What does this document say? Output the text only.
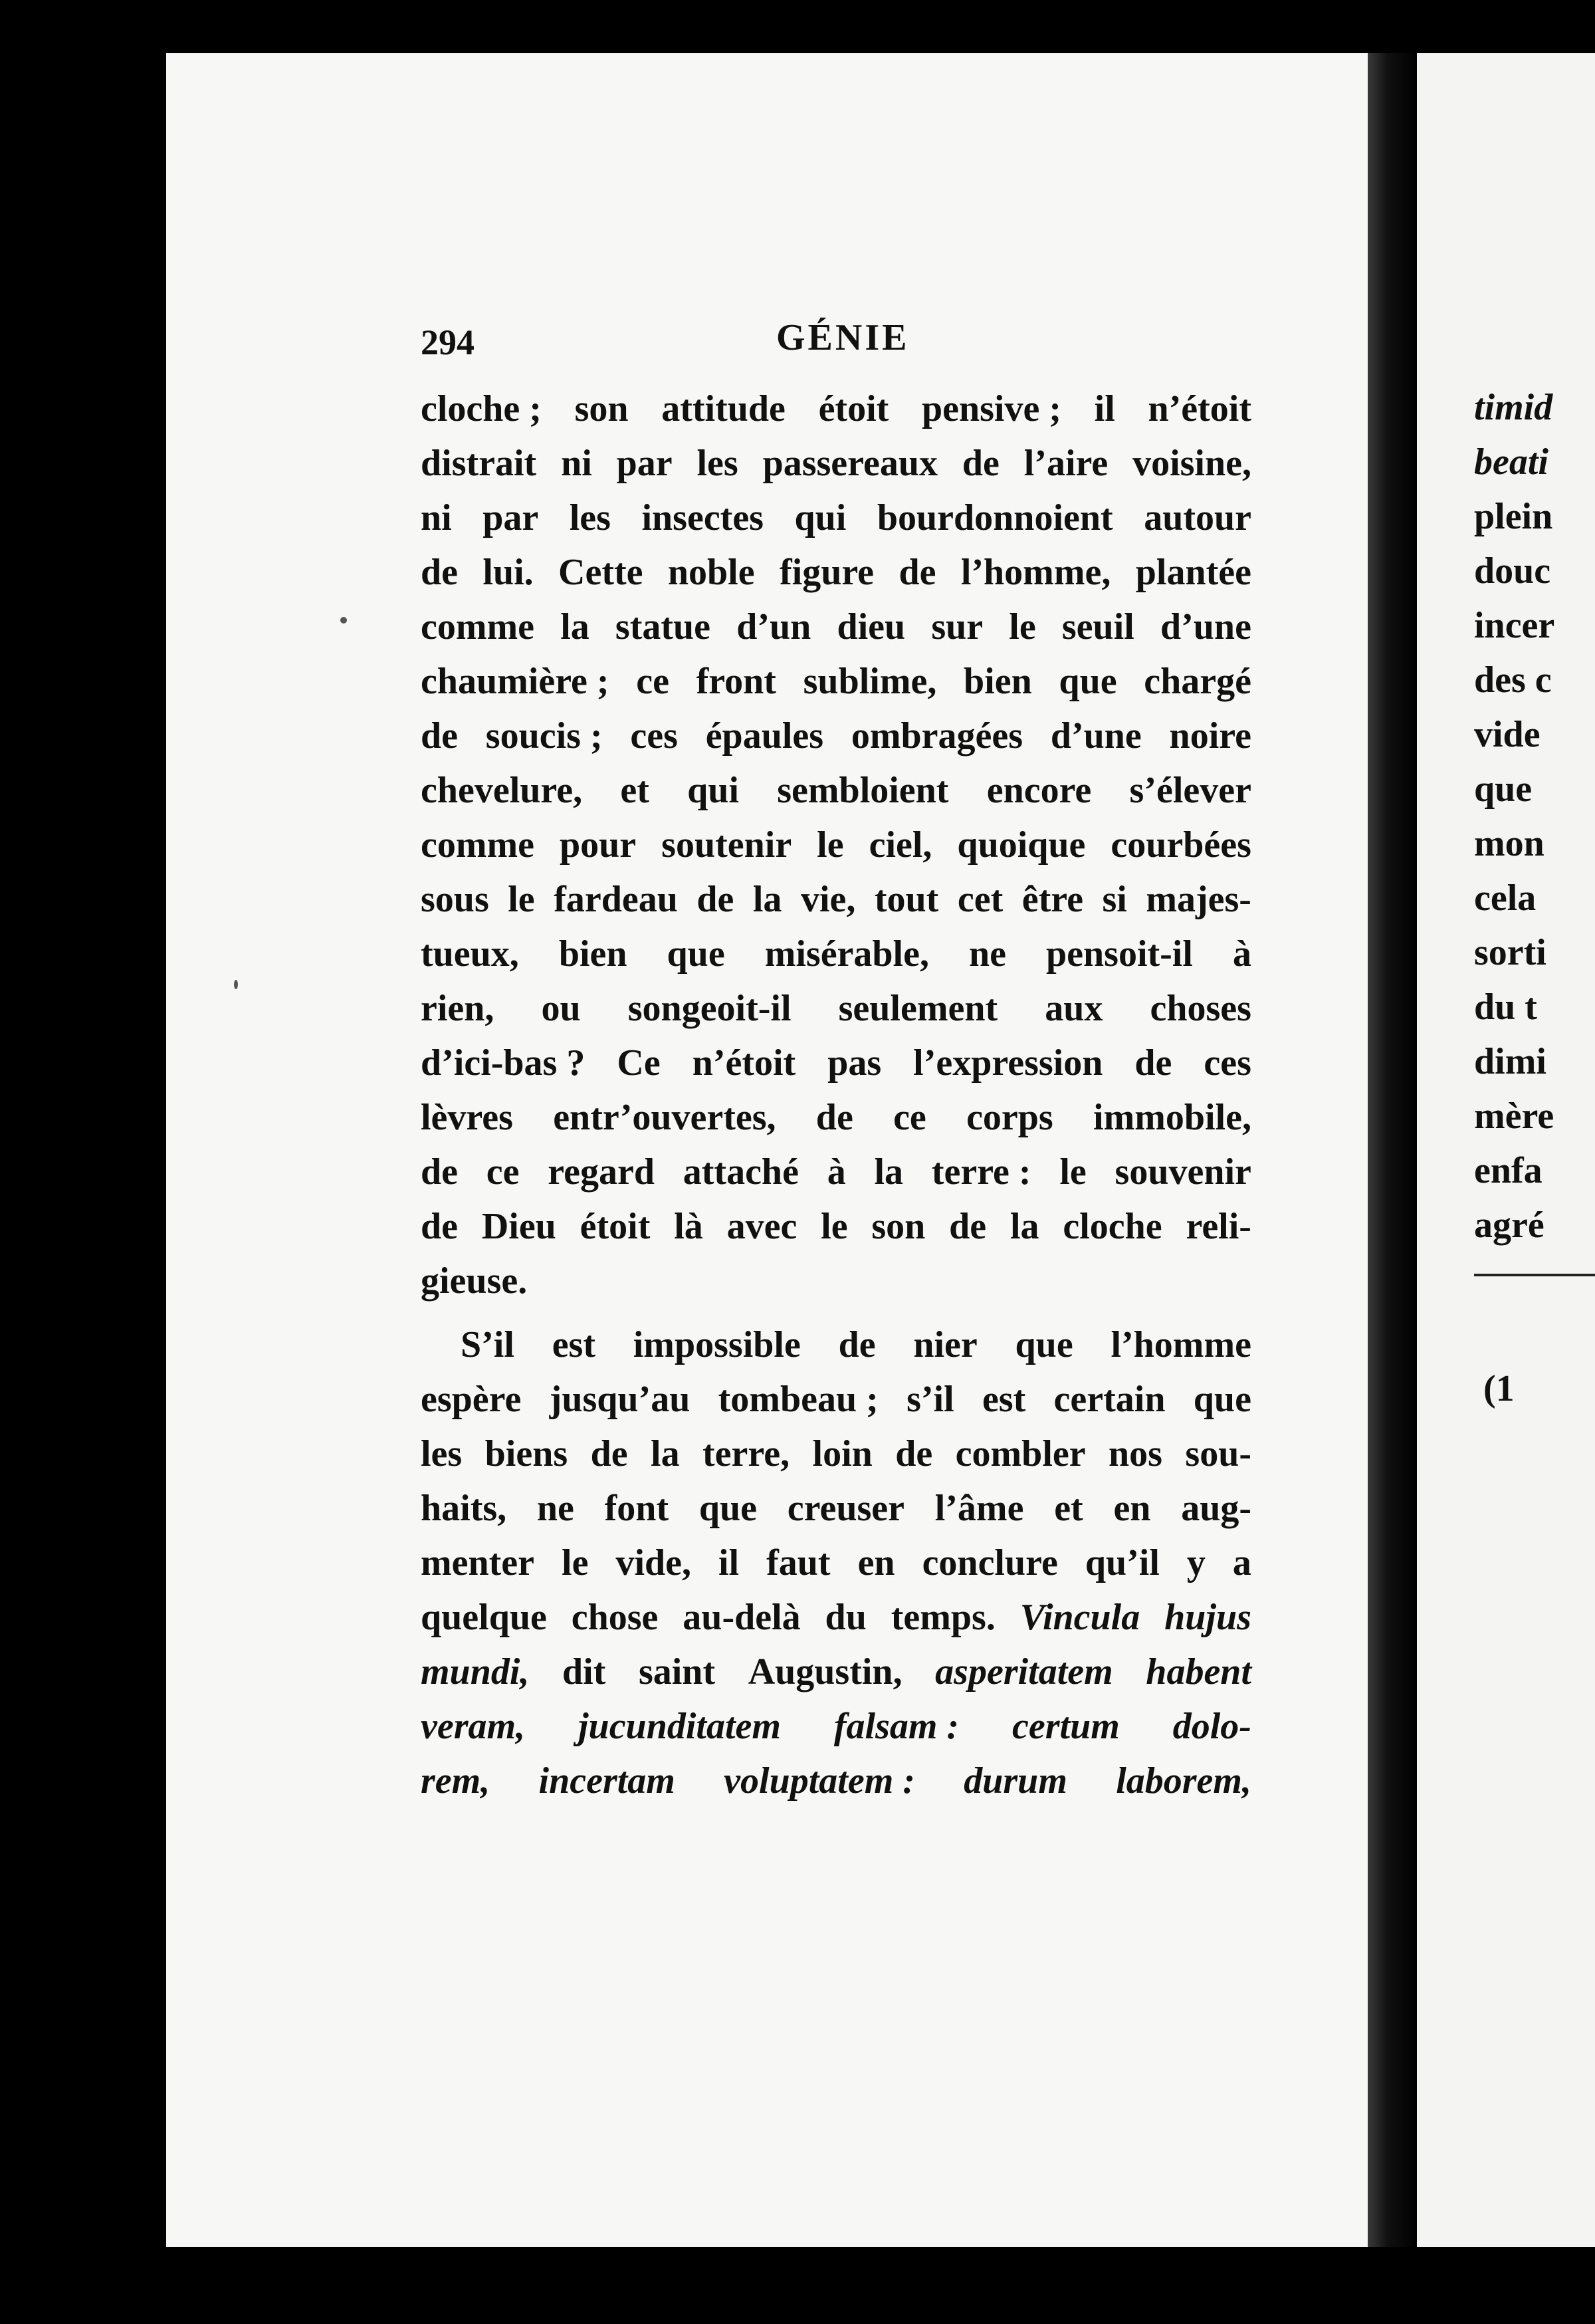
timid
beati
plein
douc
incer
des c
vide
que
mon
cela
sorti
du t
dimi
mère
enfa
agré
(1
294	GÉNIE
cloche ; son attitude étoit pensive ; il n’étoit
distrait ni par les passereaux de l’aire voisine,
ni par les insectes qui bourdonnoient autour
de lui. Cette noble figure de l’homme, plantée
comme la statue d’un dieu sur le seuil d’une
chaumière ; ce front sublime, bien que chargé
de soucis ; ces épaules ombragées d’une noire
chevelure, et qui sembloient encore s’élever
comme pour soutenir le ciel, quoique courbées
sous le fardeau de la vie, tout cet être si majes-
tueux, bien que misérable, ne pensoit-il à
rien, ou songeoit-il seulement aux choses
d’ici-bas ? Ce n’étoit pas l’expression de ces
lèvres entr’ouvertes, de ce corps immobile,
de ce regard attaché à la terre : le souvenir
de Dieu étoit là avec le son de la cloche reli-
gieuse.
S’il est impossible de nier que l’homme
espère jusqu’au tombeau ; s’il est certain que
les biens de la terre, loin de combler nos sou-
haits, ne font que creuser l’âme et en aug-
menter le vide, il faut en conclure qu’il y a
quelque chose au-delà du temps. Vincula hujus
mundi, dit saint Augustin, asperitatem habent
veram, jucunditatem falsam : certum dolo-
rem, incertam voluptatem : durum laborem,
